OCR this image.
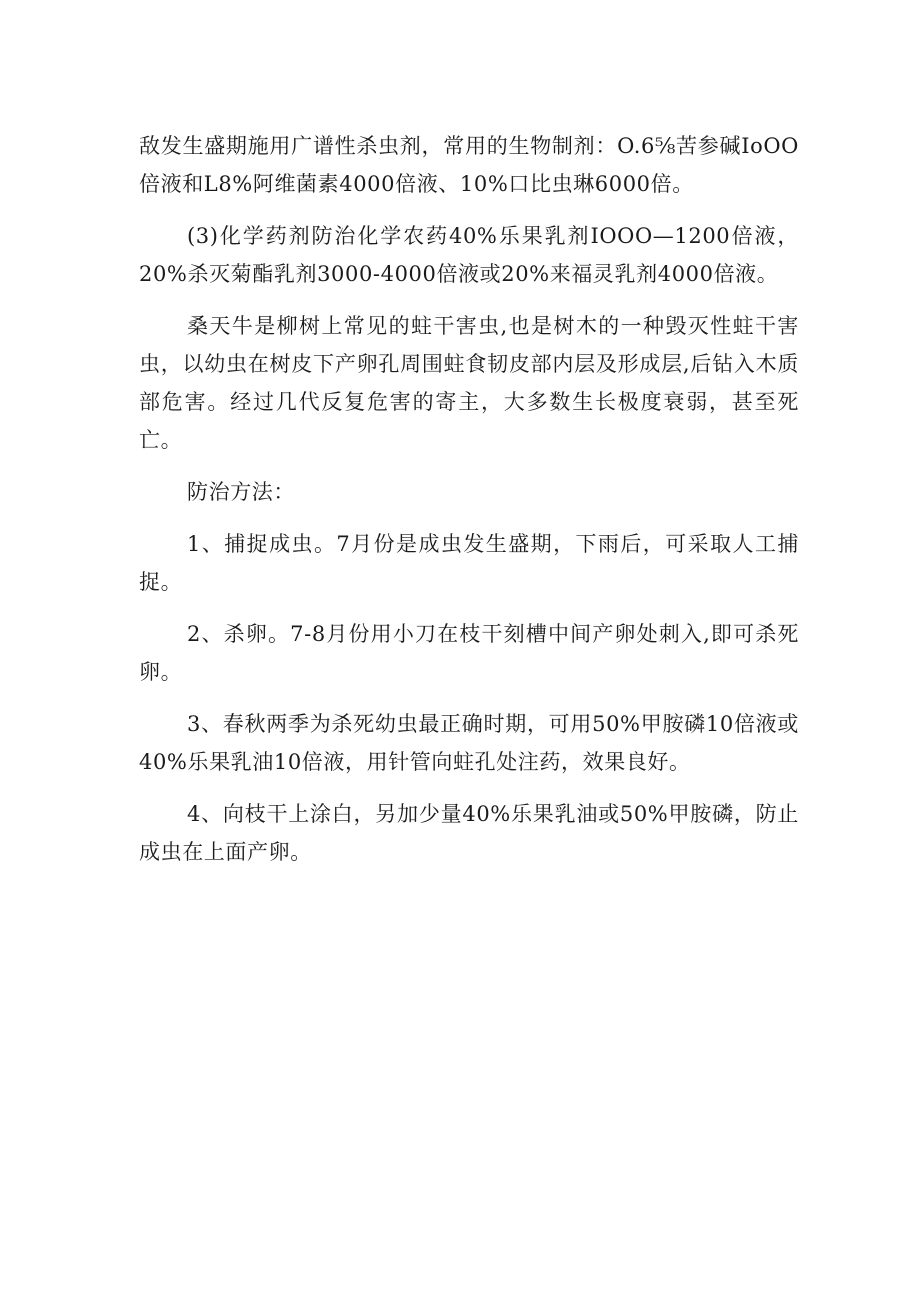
敌发生盛期施用广谱性杀虫剂，常用的生物制剂：O.6⅝苦参碱IoOO倍液和L8%阿维菌素4000倍液、10%口比虫琳6000倍。

(3)化学药剂防治化学农药40%乐果乳剂IOOO—1200倍液，20%杀灭菊酯乳剂3000-4000倍液或20%来福灵乳剂4000倍液。

桑天牛是柳树上常见的蛀干害虫,也是树木的一种毁灭性蛀干害虫，以幼虫在树皮下产卵孔周围蛀食韧皮部内层及形成层,后钻入木质部危害。经过几代反复危害的寄主，大多数生长极度衰弱，甚至死亡。

防治方法：

1、捕捉成虫。7月份是成虫发生盛期，下雨后，可采取人工捕捉。

2、杀卵。7-8月份用小刀在枝干刻槽中间产卵处刺入,即可杀死卵。

3、春秋两季为杀死幼虫最正确时期，可用50%甲胺磷10倍液或40%乐果乳油10倍液，用针管向蛀孔处注药，效果良好。

4、向枝干上涂白，另加少量40%乐果乳油或50%甲胺磷，防止成虫在上面产卵。
